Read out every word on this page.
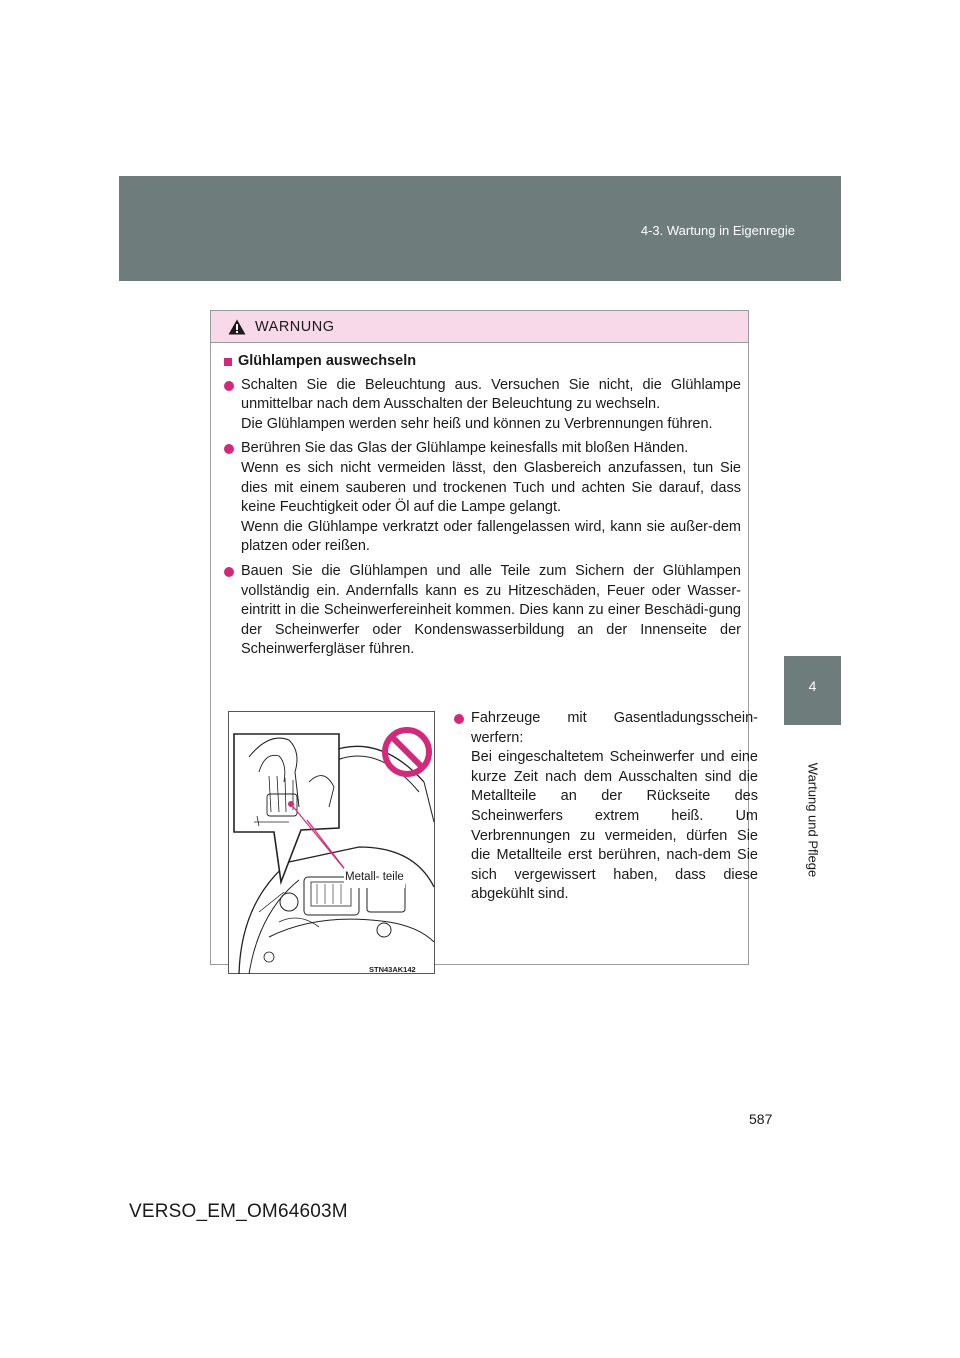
4-3. Wartung in Eigenregie
4
Wartung und Pflege
WARNUNG
Glühlampen auswechseln

Schalten Sie die Beleuchtung aus. Versuchen Sie nicht, die Glühlampe unmittelbar nach dem Ausschalten der Beleuchtung zu wechseln.

Die Glühlampen werden sehr heiß und können zu Verbrennungen führen.

Berühren Sie das Glas der Glühlampe keinesfalls mit bloßen Händen.

Wenn es sich nicht vermeiden lässt, den Glasbereich anzufassen, tun Sie dies mit einem sauberen und trockenen Tuch und achten Sie darauf, dass keine Feuchtigkeit oder Öl auf die Lampe gelangt.

Wenn die Glühlampe verkratzt oder fallengelassen wird, kann sie außer-dem platzen oder reißen.

Bauen Sie die Glühlampen und alle Teile zum Sichern der Glühlampen vollständig ein. Andernfalls kann es zu Hitzeschäden, Feuer oder Wasser-eintritt in die Scheinwerfereinheit kommen. Dies kann zu einer Beschädi-gung der Scheinwerfer oder Kondenswasserbildung an der Innenseite der Scheinwerfergläser führen.

Metall- teile
STN43AK142

Fahrzeuge mit Gasentladungsschein-werfern:

Bei eingeschaltetem Scheinwerfer und eine kurze Zeit nach dem Ausschalten sind die Metallteile an der Rückseite des Scheinwerfers extrem heiß. Um Verbrennungen zu vermeiden, dürfen Sie die Metallteile erst berühren, nach-dem Sie sich vergewissert haben, dass diese abgekühlt sind.

587
VERSO_EM_OM64603M
